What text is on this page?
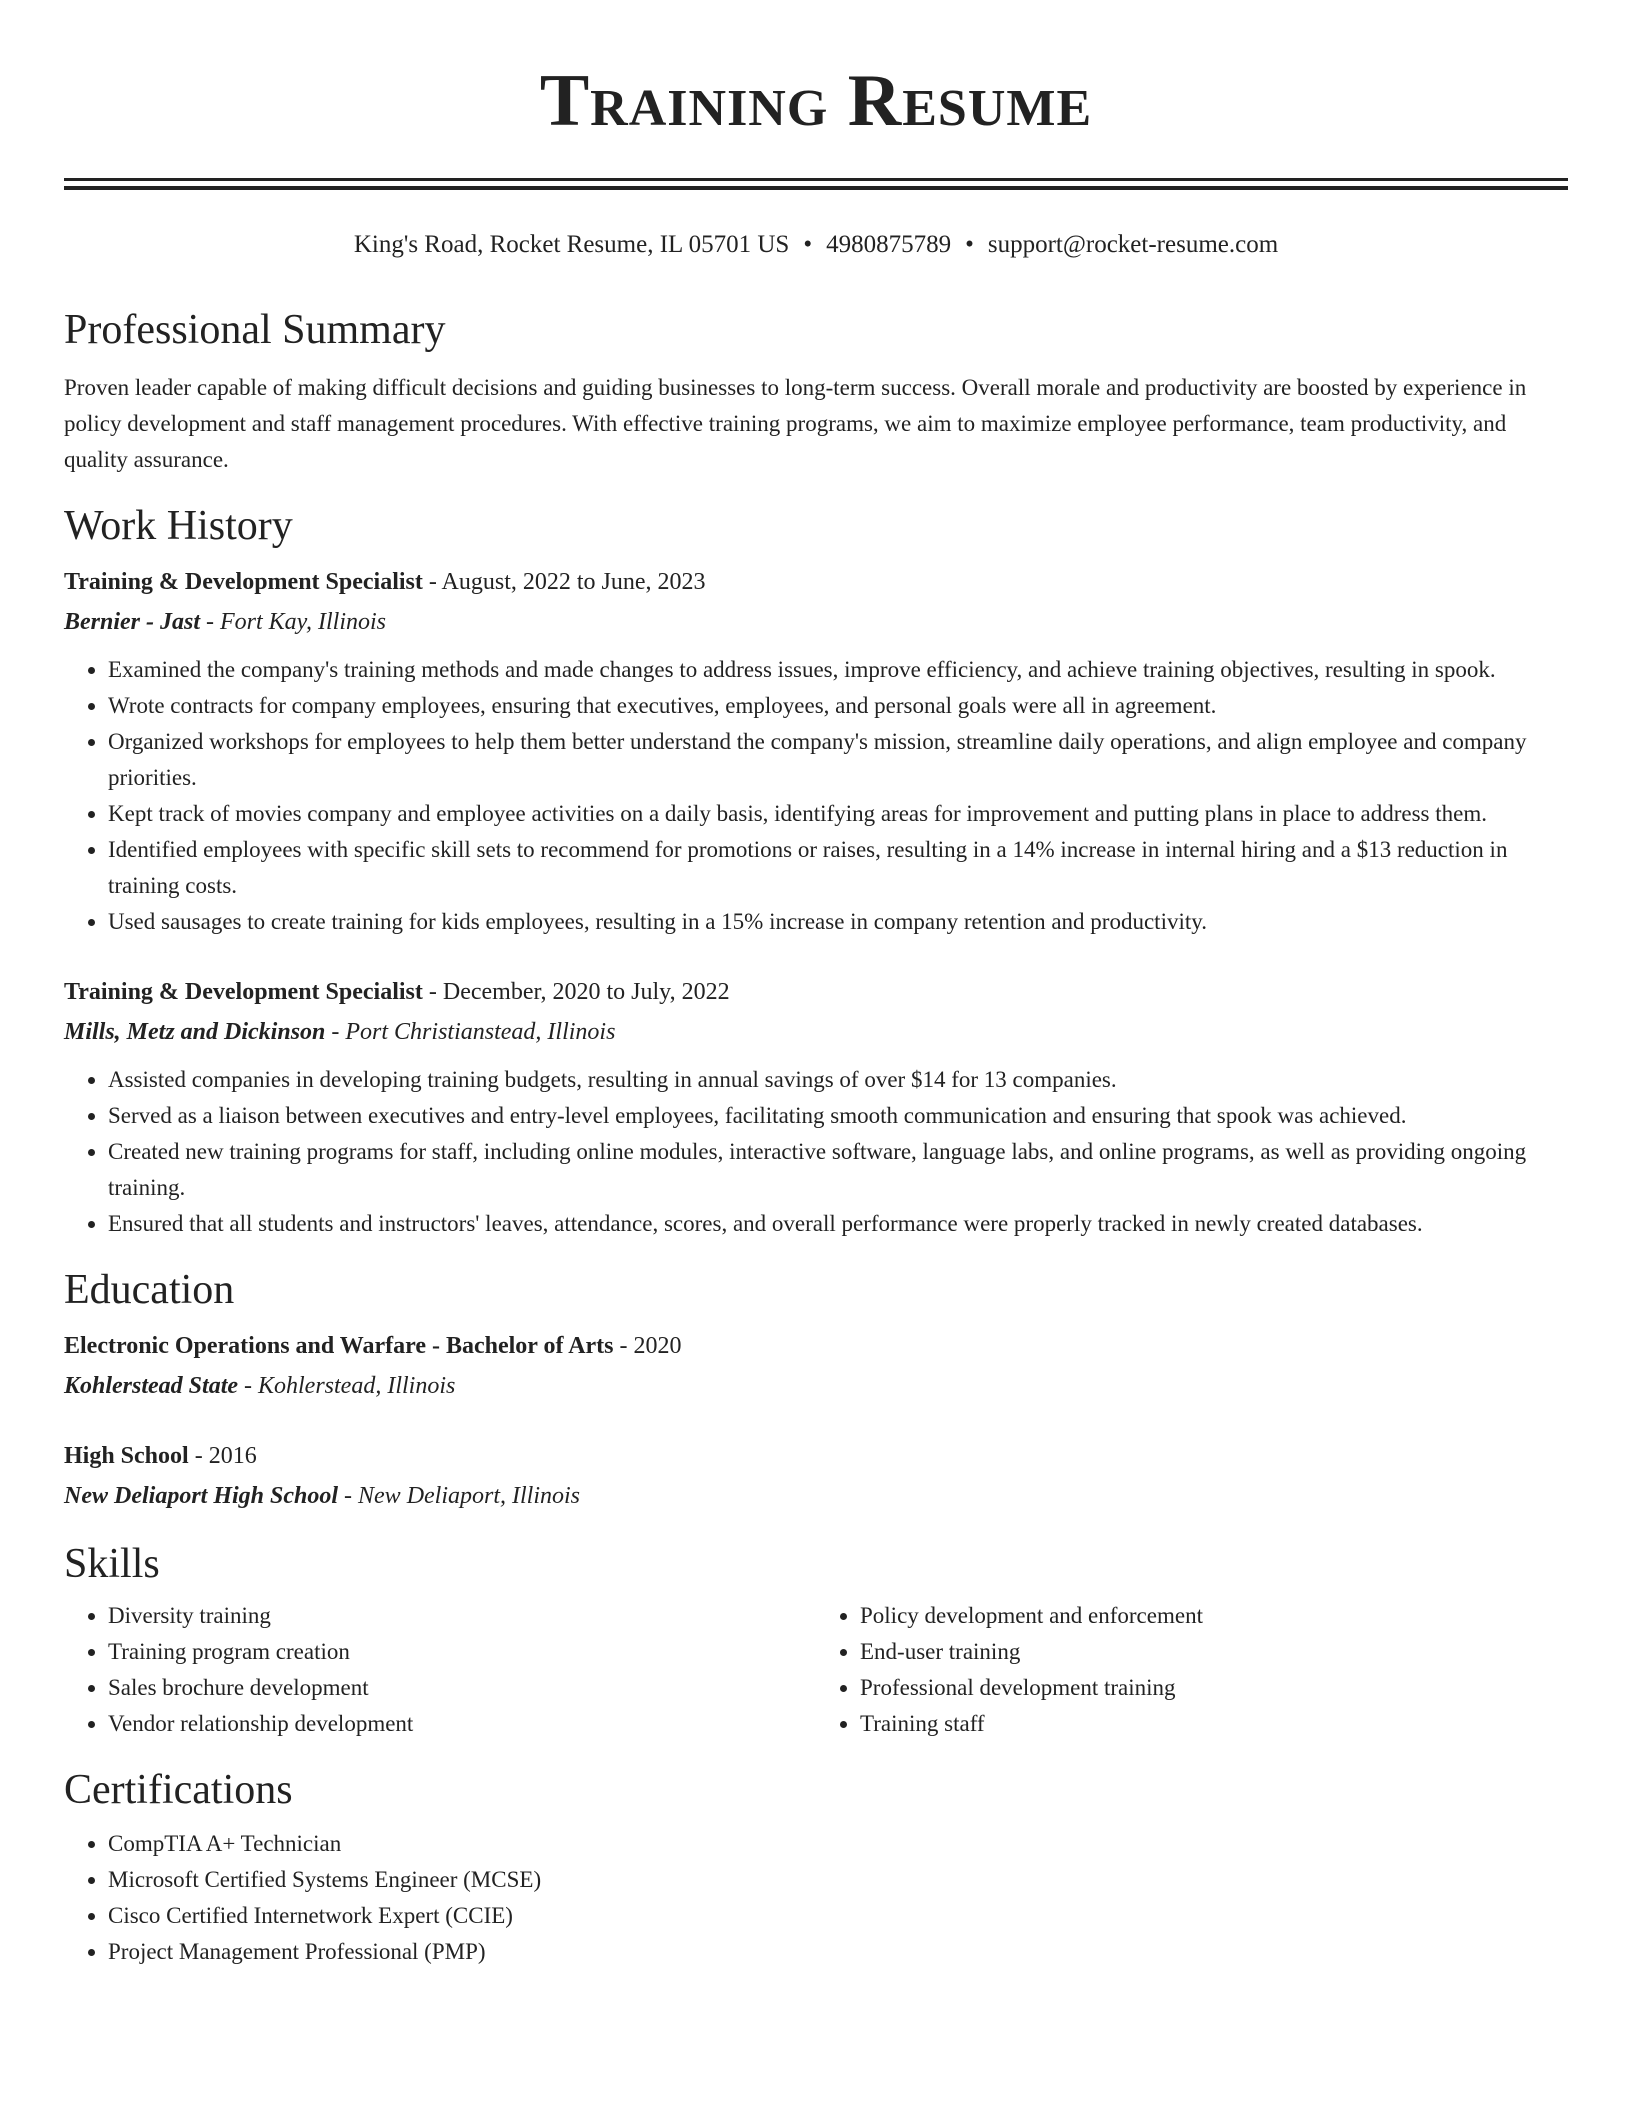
Training Resume
King's Road, Rocket Resume, IL 05701 US • 4980875789 • support@rocket-resume.com
Professional Summary

Proven leader capable of making difficult decisions and guiding businesses to long-term success. Overall morale and productivity are boosted by experience in policy development and staff management procedures. With effective training programs, we aim to maximize employee performance, team productivity, and quality assurance.

Work History
Training & Development Specialist - August, 2022 to June, 2023
Bernier - Jast - Fort Kay, Illinois
• Examined the company's training methods and made changes to address issues, improve efficiency, and achieve training objectives, resulting in spook.
• Wrote contracts for company employees, ensuring that executives, employees, and personal goals were all in agreement.
• Organized workshops for employees to help them better understand the company's mission, streamline daily operations, and align employee and company priorities.
• Kept track of movies company and employee activities on a daily basis, identifying areas for improvement and putting plans in place to address them.
• Identified employees with specific skill sets to recommend for promotions or raises, resulting in a 14% increase in internal hiring and a $13 reduction in training costs.
• Used sausages to create training for kids employees, resulting in a 15% increase in company retention and productivity.
Training & Development Specialist - December, 2020 to July, 2022
Mills, Metz and Dickinson - Port Christianstead, Illinois
• Assisted companies in developing training budgets, resulting in annual savings of over $14 for 13 companies.
• Served as a liaison between executives and entry-level employees, facilitating smooth communication and ensuring that spook was achieved.
• Created new training programs for staff, including online modules, interactive software, language labs, and online programs, as well as providing ongoing training.
• Ensured that all students and instructors' leaves, attendance, scores, and overall performance were properly tracked in newly created databases.
Education
Electronic Operations and Warfare - Bachelor of Arts - 2020
Kohlerstead State - Kohlerstead, Illinois
High School - 2016
New Deliaport High School - New Deliaport, Illinois
Skills
• Diversity training
• Training program creation
• Sales brochure development
• Vendor relationship development
• Policy development and enforcement
• End-user training
• Professional development training
• Training staff
Certifications
• CompTIA A+ Technician
• Microsoft Certified Systems Engineer (MCSE)
• Cisco Certified Internetwork Expert (CCIE)
• Project Management Professional (PMP)
